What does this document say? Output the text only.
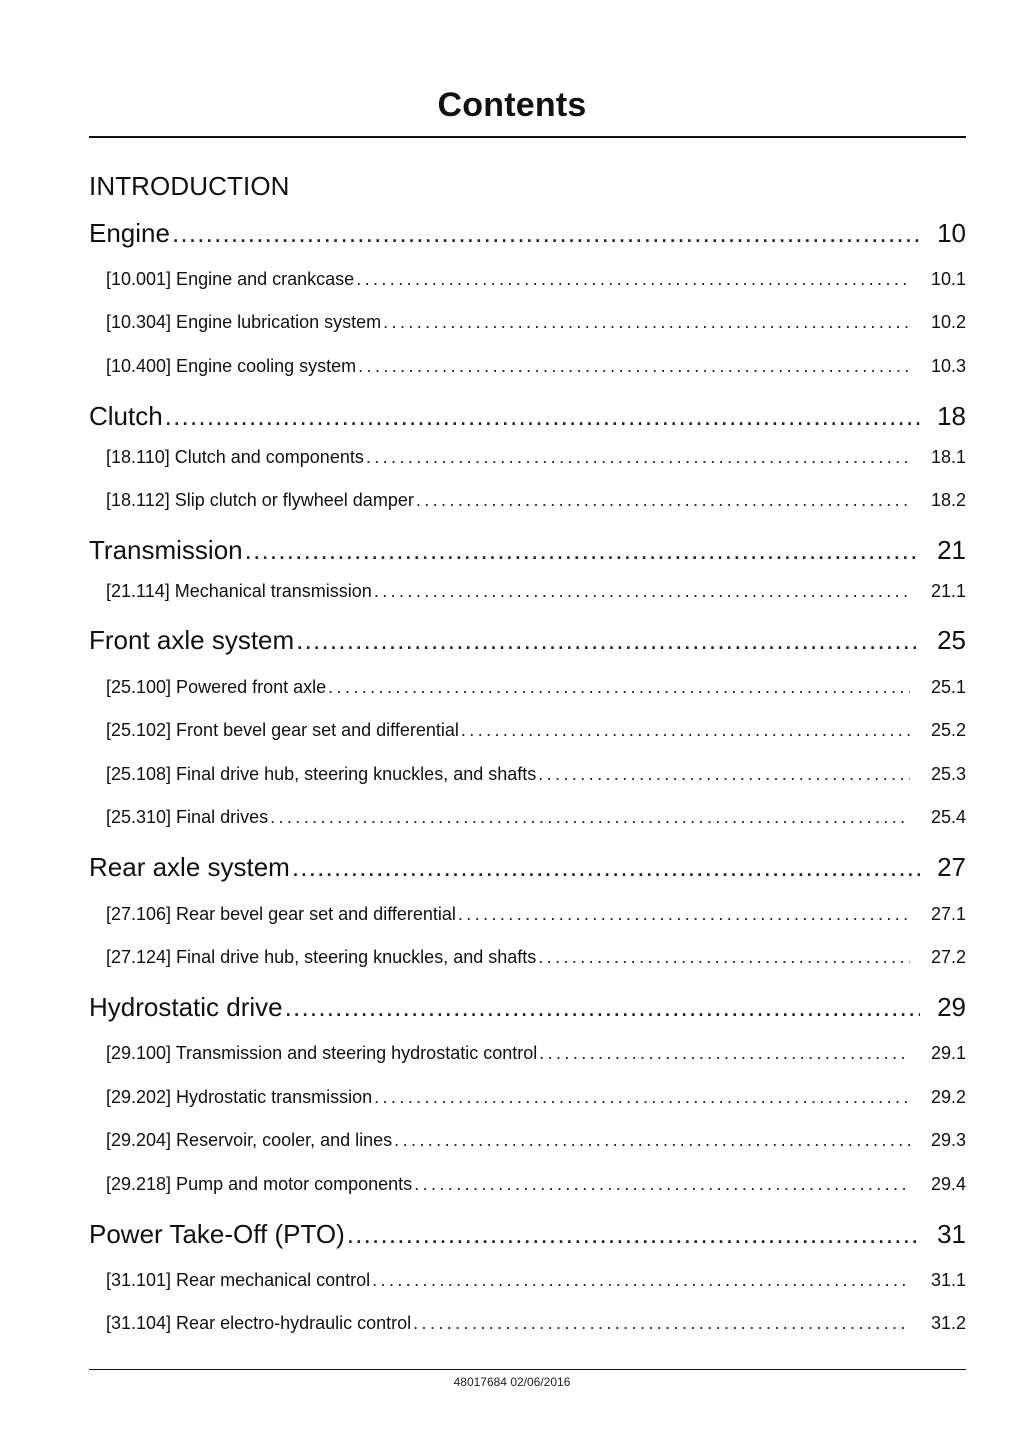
Contents
INTRODUCTION
Engine .....	10
[10.001] Engine and crankcase .....	10.1
[10.304] Engine lubrication system .....	10.2
[10.400] Engine cooling system .....	10.3
Clutch .....	18
[18.110] Clutch and components .....	18.1
[18.112] Slip clutch or flywheel damper .....	18.2
Transmission .....	21
[21.114] Mechanical transmission .....	21.1
Front axle system .....	25
[25.100] Powered front axle .....	25.1
[25.102] Front bevel gear set and differential .....	25.2
[25.108] Final drive hub, steering knuckles, and shafts .....	25.3
[25.310] Final drives .....	25.4
Rear axle system .....	27
[27.106] Rear bevel gear set and differential .....	27.1
[27.124] Final drive hub, steering knuckles, and shafts .....	27.2
Hydrostatic drive .....	29
[29.100] Transmission and steering hydrostatic control .....	29.1
[29.202] Hydrostatic transmission .....	29.2
[29.204] Reservoir, cooler, and lines .....	29.3
[29.218] Pump and motor components .....	29.4
Power Take-Off (PTO) .....	31
[31.101] Rear mechanical control .....	31.1
[31.104] Rear electro-hydraulic control .....	31.2
48017684 02/06/2016
